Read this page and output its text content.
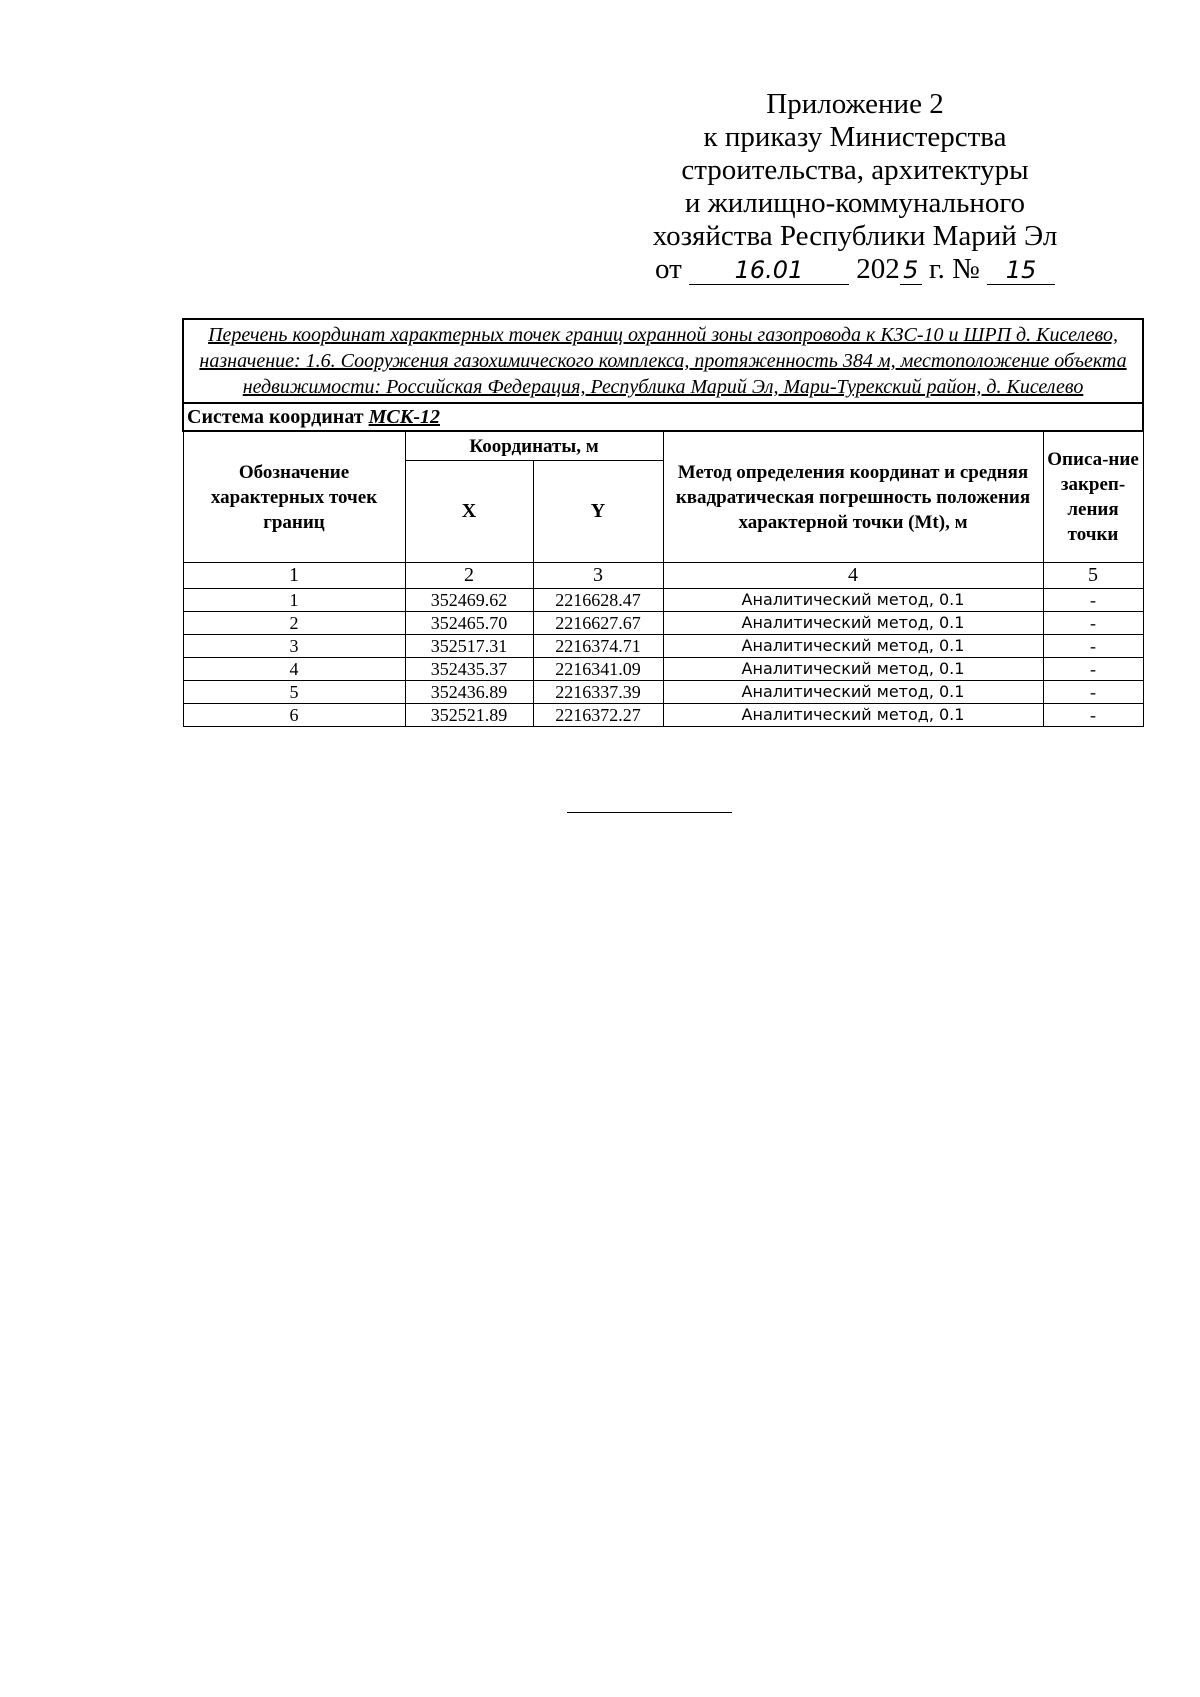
Приложение 2
к приказу Министерства
строительства, архитектуры
и жилищно-коммунального
хозяйства Республики Марий Эл
от 16.01 202 5 г. № 15
Перечень координат характерных точек границ охранной зоны газопровода к КЗС-10 и ШРП д. Киселево, назначение: 1.6. Сооружения газохимического комплекса, протяженность 384 м, местоположение объекта недвижимости: Российская Федерация, Республика Марий Эл, Мари-Турекский район, д. Киселево				
Система координат МСК-12				
Обозначение характерных точек границ	Координаты, м		Метод определения координат и средняя квадратическая погрешность положения характерной точки (Mt), м	Описа-ние закреп-ления точки
	X	Y		
1	2	3	4	5
1	352469.62	2216628.47	Аналитический метод, 0.1	-
2	352465.70	2216627.67	Аналитический метод, 0.1	-
3	352517.31	2216374.71	Аналитический метод, 0.1	-
4	352435.37	2216341.09	Аналитический метод, 0.1	-
5	352436.89	2216337.39	Аналитический метод, 0.1	-
6	352521.89	2216372.27	Аналитический метод, 0.1	-
